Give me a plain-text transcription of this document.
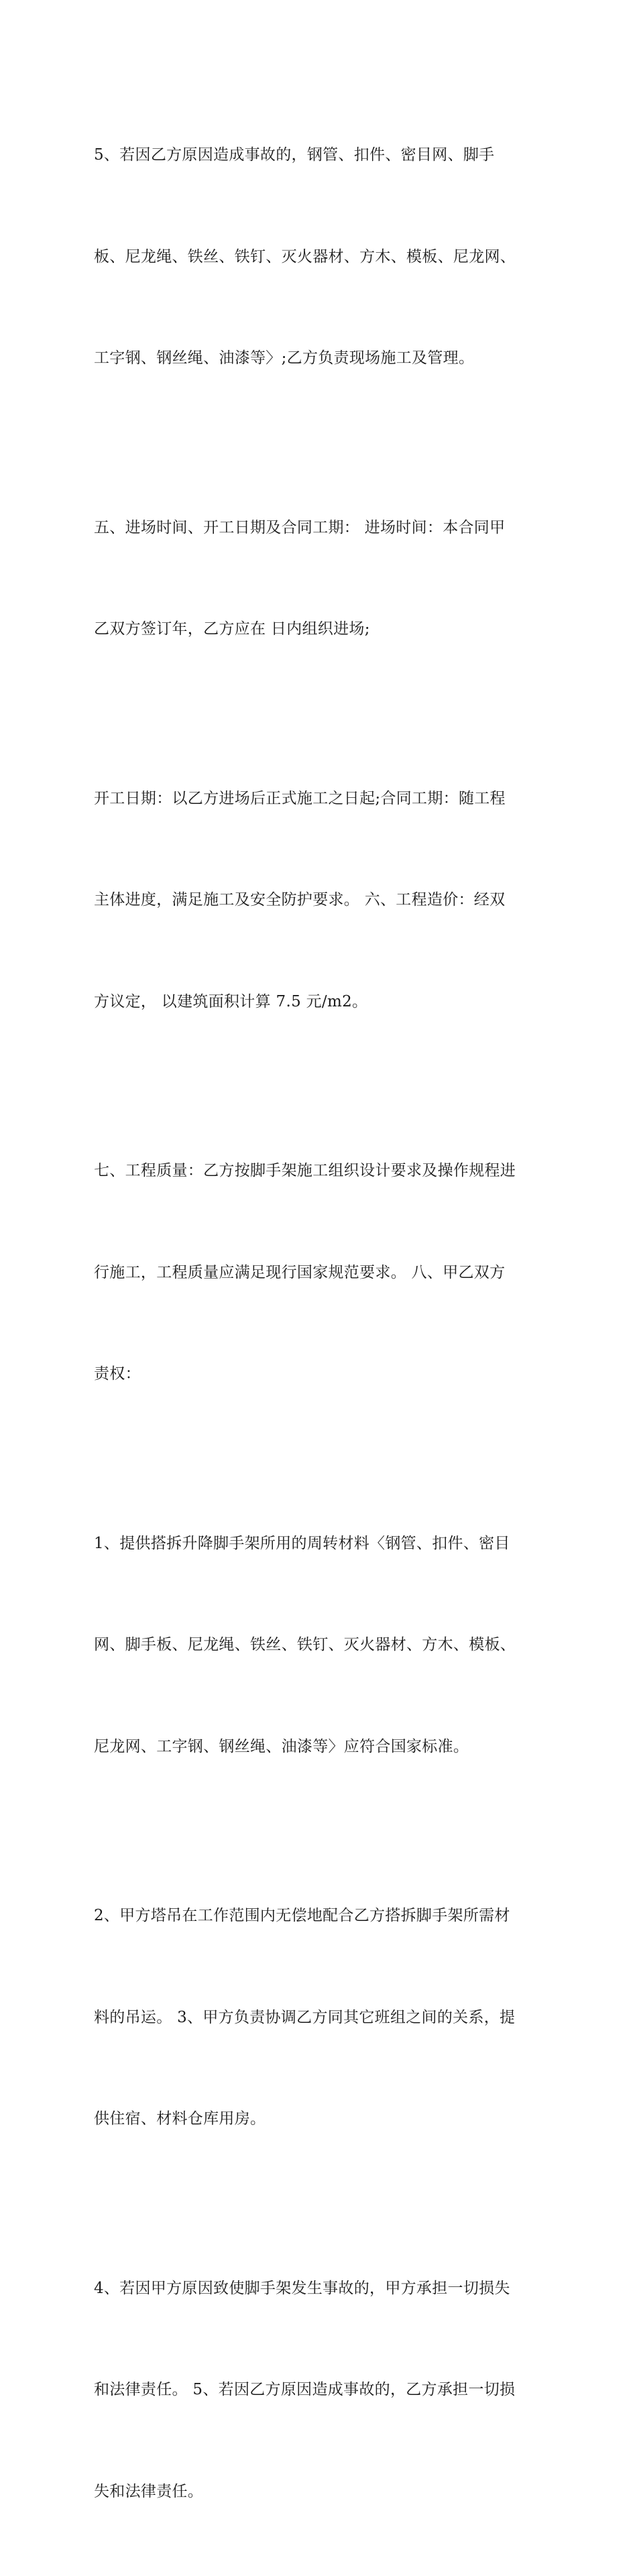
5、若因乙方原因造成事故的，钢管、扣件、密目网、脚手

板、尼龙绳、铁丝、铁钉、灭火器材、方木、模板、尼龙网、

工字钢、钢丝绳、油漆等〉;乙方负责现场施工及管理。

五、进场时间、开工日期及合同工期： 进场时间：本合同甲

乙双方签订年，乙方应在 日内组织进场;

开工日期：以乙方进场后正式施工之日起;合同工期：随工程

主体进度，满足施工及安全防护要求。 六、工程造价：经双

方议定， 以建筑面积计算 7.5 元/m2。

七、工程质量：乙方按脚手架施工组织设计要求及操作规程进

行施工，工程质量应满足现行国家规范要求。 八、甲乙双方

责权：

1、提供搭拆升降脚手架所用的周转材料〈钢管、扣件、密目

网、脚手板、尼龙绳、铁丝、铁钉、灭火器材、方木、模板、

尼龙网、工字钢、钢丝绳、油漆等〉应符合国家标准。

2、甲方塔吊在工作范围内无偿地配合乙方搭拆脚手架所需材

料的吊运。 3、甲方负责协调乙方同其它班组之间的关系，提

供住宿、材料仓库用房。

4、若因甲方原因致使脚手架发生事故的，甲方承担一切损失

和法律责任。 5、若因乙方原因造成事故的，乙方承担一切损

失和法律责任。
